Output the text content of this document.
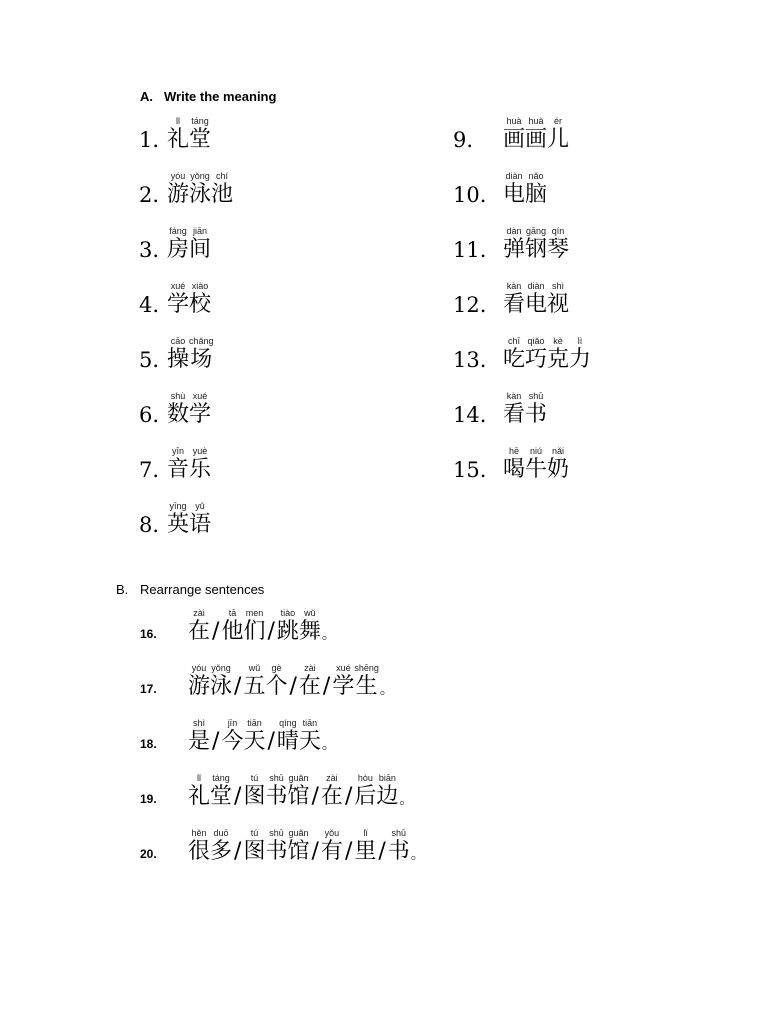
A. Write the meaning
1.
lǐ
礼
táng
堂
2.
yóu
游
yǒng
泳
chí
池
3.
fáng
房
jiān
间
4.
xué
学
xiào
校
5.
cāo
操
chǎng
场
6.
shù
数
xué
学
7.
yīn
音
yuè
乐
8.
yīng
英
yǔ
语
9.
huà
画
huà
画
ér
儿
10.
diàn
电
nǎo
脑
11.
dàn
弹
gāng
钢
qín
琴
12.
kàn
看
diàn
电
shì
视
13.
chī
吃
qiǎo
巧
kè
克
lì
力
14.
kàn
看
shū
书
15.
hē
喝
niú
牛
nǎi
奶
B. Rearrange sentences
16.
zài
在 /
tā
他
men
们 /
tiào
跳
wǔ
舞 。
17.
yóu
游
yǒng
泳 /
wǔ
五
gè
个 /
zài
在 /
xué
学
shēng
生 。
18.
shì
是 /
jīn
今
tiān
天 /
qíng
晴
tiān
天 。
19.
lǐ
礼
táng
堂 /
tú
图
shū
书
guǎn
馆 /
zài
在 /
hòu
后
biān
边 。
20.
hěn
很
duō
多 /
tú
图
shū
书
guǎn
馆 /
yǒu
有 /
lǐ
里 /
shū
书 。
